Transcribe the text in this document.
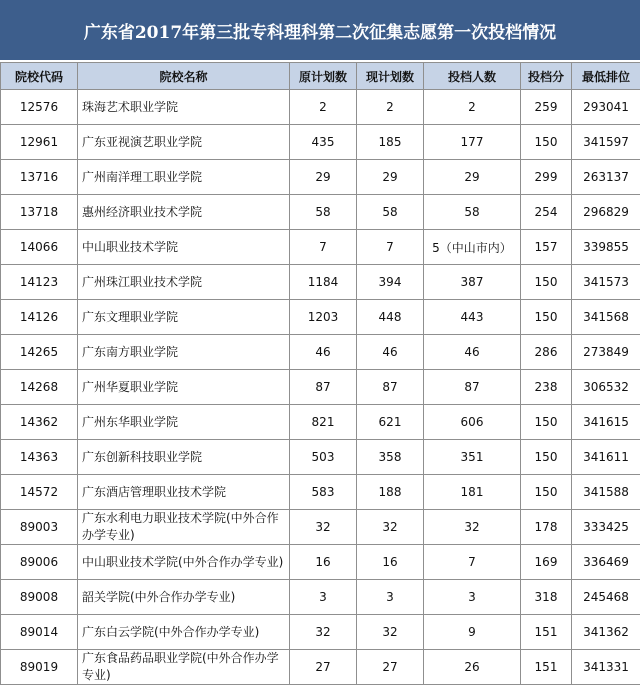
广东省2017年第三批专科理科第二次征集志愿第一次投档情况
院校代码	院校名称	原计划数	现计划数	投档人数	投档分	最低排位
12576	珠海艺术职业学院	2	2	2	259	293041
12961	广东亚视演艺职业学院	435	185	177	150	341597
13716	广州南洋理工职业学院	29	29	29	299	263137
13718	惠州经济职业技术学院	58	58	58	254	296829
14066	中山职业技术学院	7	7	5（中山市内）	157	339855
14123	广州珠江职业技术学院	1184	394	387	150	341573
14126	广东文理职业学院	1203	448	443	150	341568
14265	广东南方职业学院	46	46	46	286	273849
14268	广州华夏职业学院	87	87	87	238	306532
14362	广州东华职业学院	821	621	606	150	341615
14363	广东创新科技职业学院	503	358	351	150	341611
14572	广东酒店管理职业技术学院	583	188	181	150	341588
89003	广东水利电力职业技术学院(中外合作办学专业)	32	32	32	178	333425
89006	中山职业技术学院(中外合作办学专业)	16	16	7	169	336469
89008	韶关学院(中外合作办学专业)	3	3	3	318	245468
89014	广东白云学院(中外合作办学专业)	32	32	9	151	341362
89019	广东食品药品职业学院(中外合作办学专业)	27	27	26	151	341331
